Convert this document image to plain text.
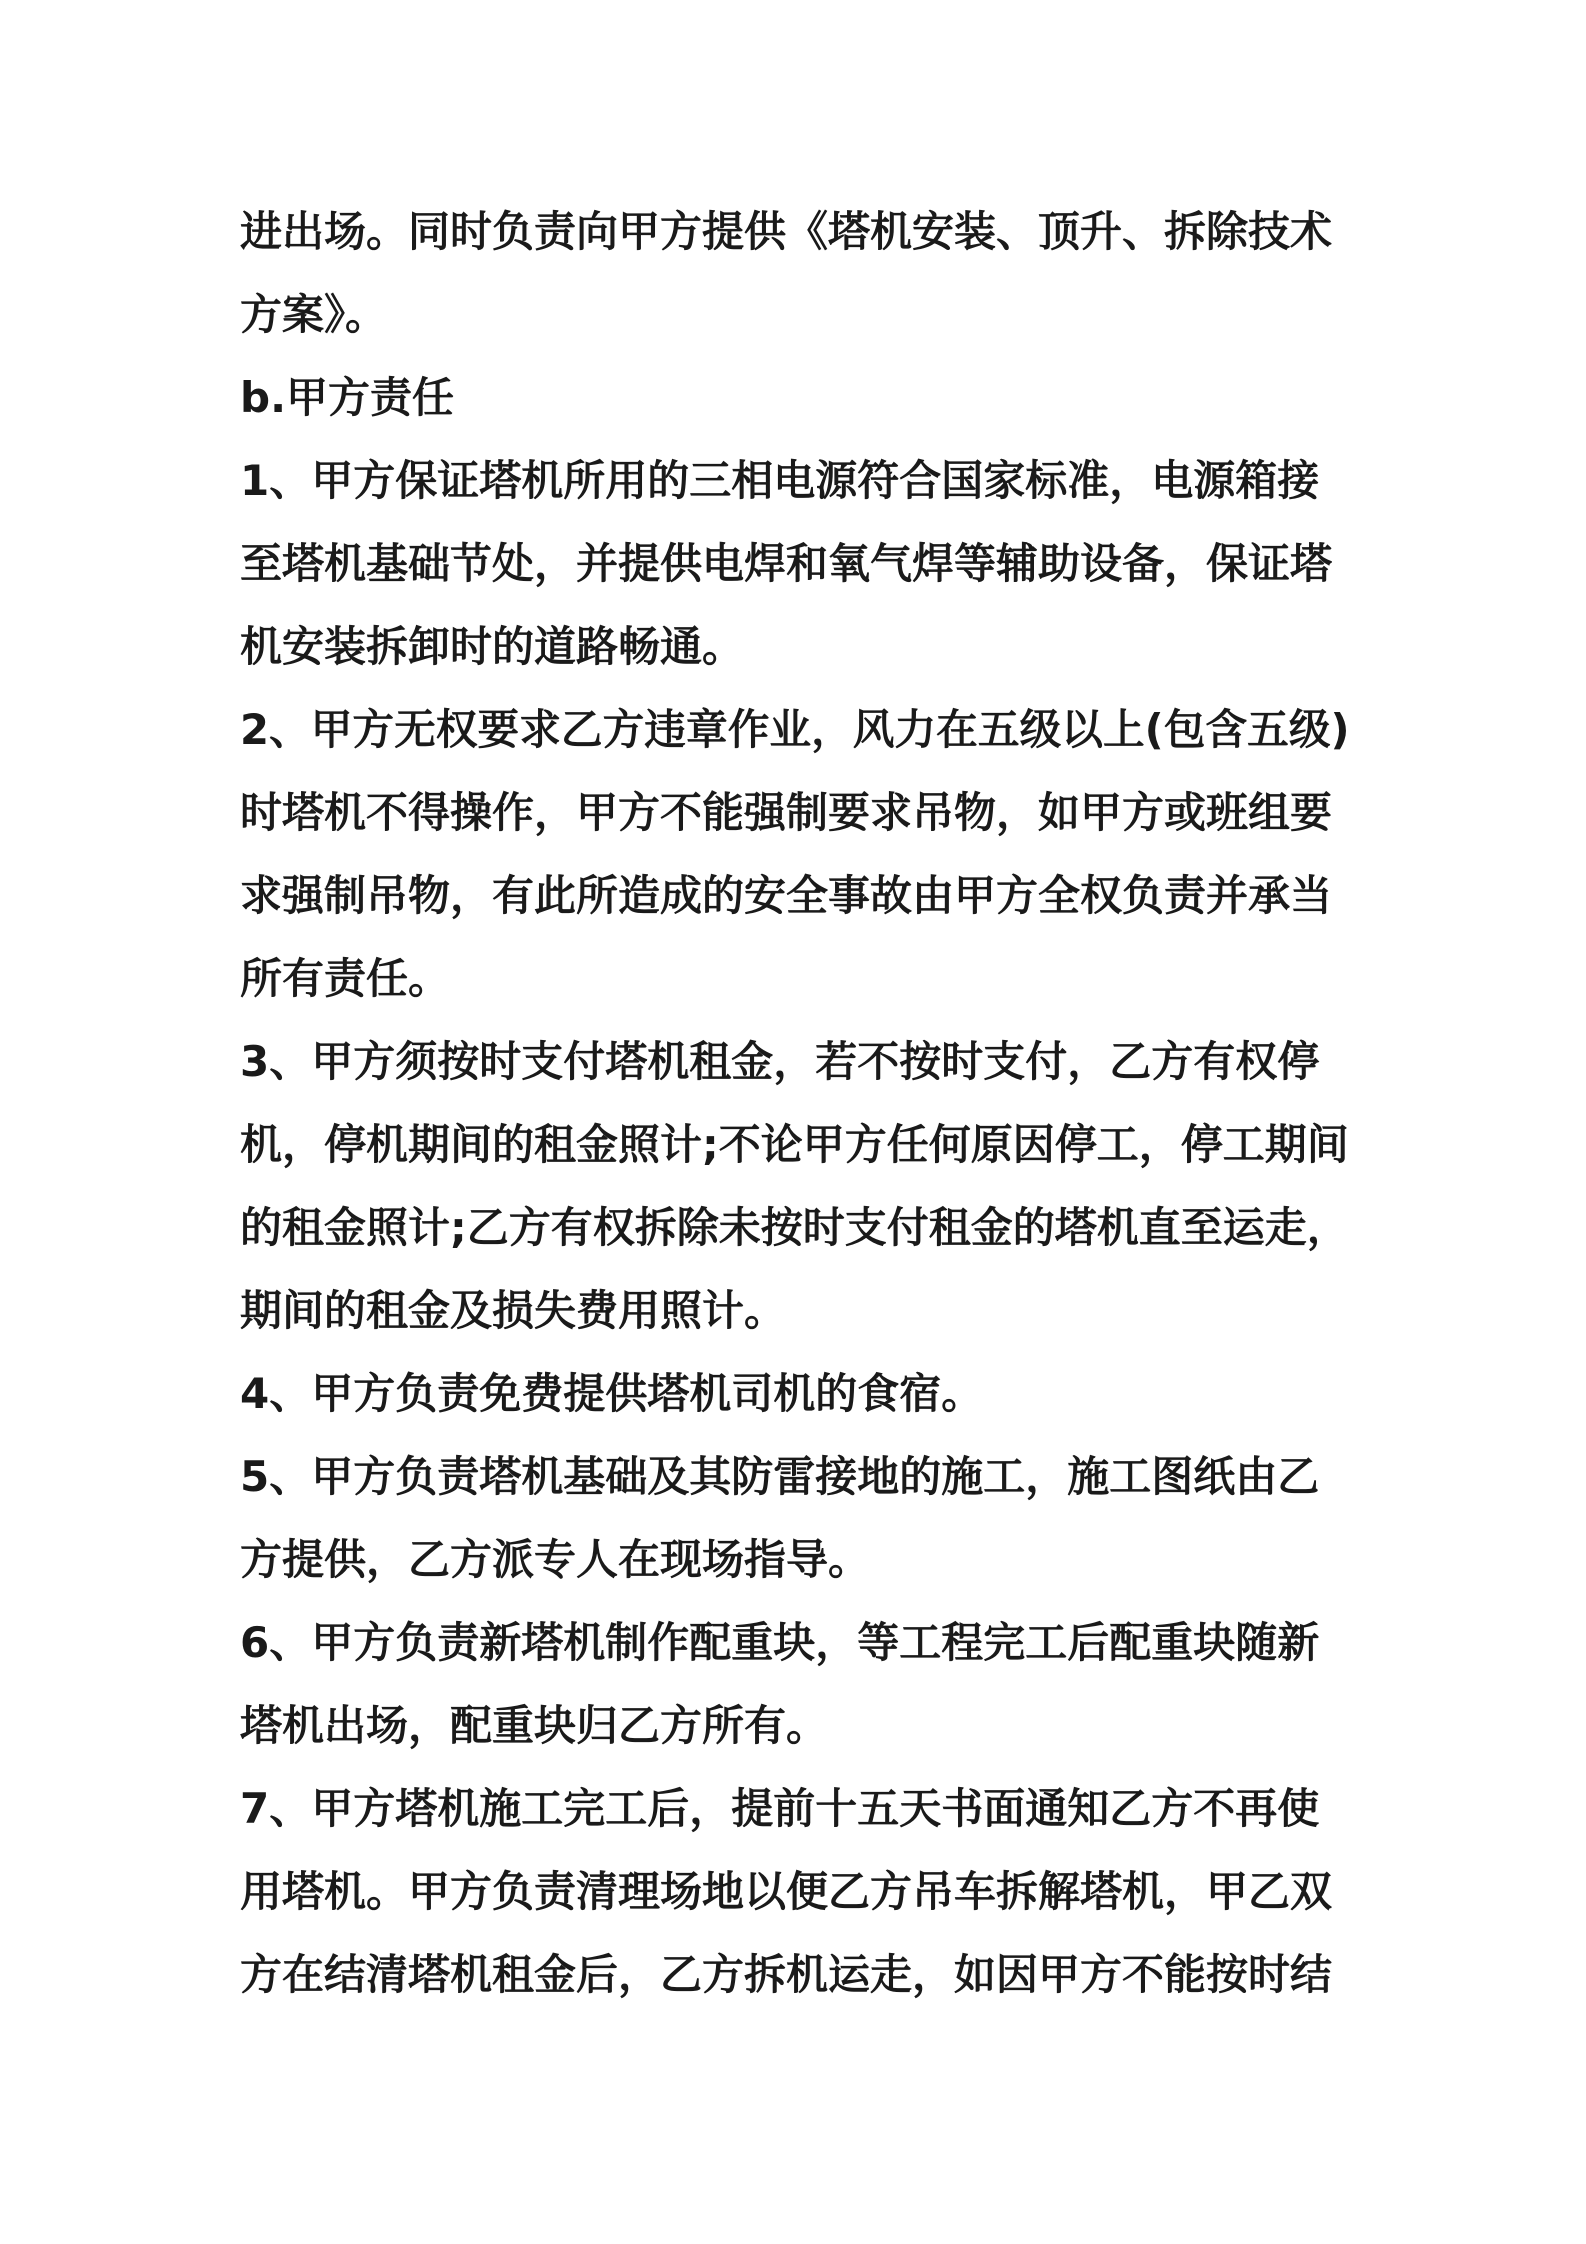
进出场。同时负责向甲方提供《塔机安装、顶升、拆除技术
方案》。
b.甲方责任
1、甲方保证塔机所用的三相电源符合国家标准，电源箱接
至塔机基础节处，并提供电焊和氧气焊等辅助设备，保证塔
机安装拆卸时的道路畅通。
2、甲方无权要求乙方违章作业，风力在五级以上(包含五级)
时塔机不得操作，甲方不能强制要求吊物，如甲方或班组要
求强制吊物，有此所造成的安全事故由甲方全权负责并承当
所有责任。
3、甲方须按时支付塔机租金，若不按时支付，乙方有权停
机，停机期间的租金照计;不论甲方任何原因停工，停工期间
的租金照计;乙方有权拆除未按时支付租金的塔机直至运走，
期间的租金及损失费用照计。
4、甲方负责免费提供塔机司机的食宿。
5、甲方负责塔机基础及其防雷接地的施工，施工图纸由乙
方提供，乙方派专人在现场指导。
6、甲方负责新塔机制作配重块，等工程完工后配重块随新
塔机出场，配重块归乙方所有。
7、甲方塔机施工完工后，提前十五天书面通知乙方不再使
用塔机。甲方负责清理场地以便乙方吊车拆解塔机，甲乙双
方在结清塔机租金后，乙方拆机运走，如因甲方不能按时结
